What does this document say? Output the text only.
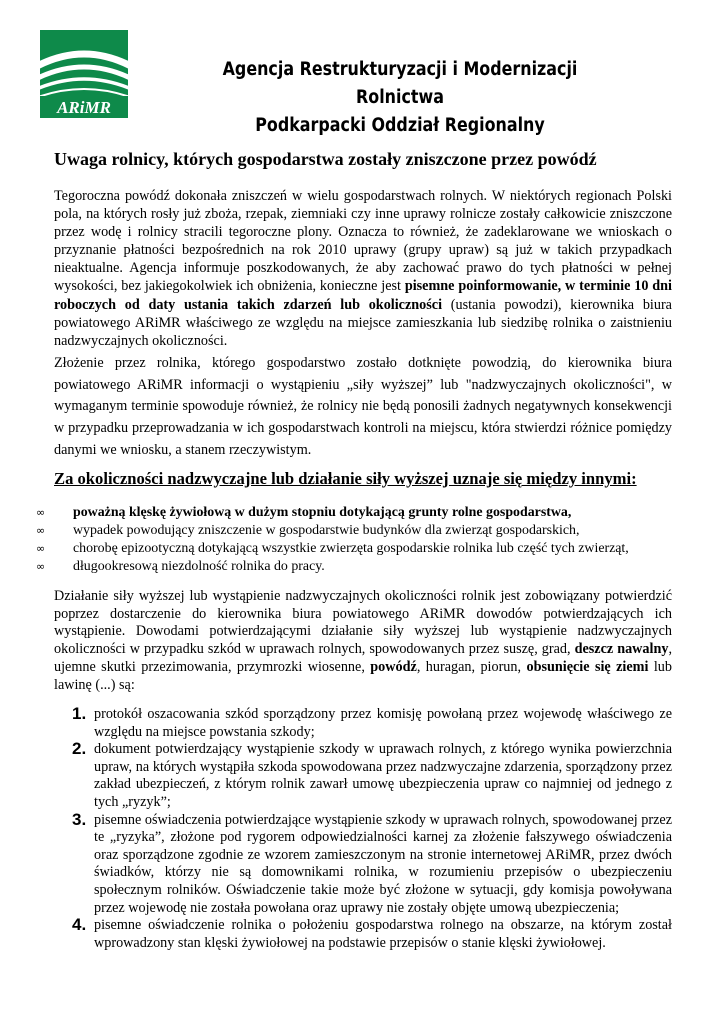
ARiMR
Agencja Restrukturyzacji i Modernizacji Rolnictwa
Podkarpacki Oddział Regionalny
Uwaga rolnicy, których gospodarstwa zostały zniszczone przez powódź

Tegoroczna powódź dokonała zniszczeń w wielu gospodarstwach rolnych. W niektórych regionach Polski pola, na których rosły już zboża, rzepak, ziemniaki czy inne uprawy rolnicze zostały całkowicie zniszczone przez wodę i rolnicy stracili tegoroczne plony. Oznacza to również, że zadeklarowane we wnioskach o przyznanie płatności bezpośrednich na rok 2010 uprawy (grupy upraw) są już w takich przypadkach nieaktualne. Agencja informuje poszkodowanych, że aby zachować prawo do tych płatności w pełnej wysokości, bez jakiegokolwiek ich obniżenia, konieczne jest pisemne poinformowanie, w terminie 10 dni roboczych od daty ustania takich zdarzeń lub okoliczności (ustania powodzi), kierownika biura powiatowego ARiMR właściwego ze względu na miejsce zamieszkania lub siedzibę rolnika o zaistnieniu nadzwyczajnych okoliczności.

Złożenie przez rolnika, którego gospodarstwo zostało dotknięte powodzią, do kierownika biura powiatowego ARiMR informacji o wystąpieniu „siły wyższej” lub "nadzwyczajnych okoliczności", w wymaganym terminie spowoduje również, że rolnicy nie będą ponosili żadnych negatywnych konsekwencji w przypadku przeprowadzania w ich gospodarstwach kontroli na miejscu, która stwierdzi różnice pomiędzy danymi we wniosku, a stanem rzeczywistym.

Za okoliczności nadzwyczajne lub działanie siły wyższej uznaje się między innymi:
∞ poważną klęskę żywiołową w dużym stopniu dotykającą grunty rolne gospodarstwa,
∞ wypadek powodujący zniszczenie w gospodarstwie budynków dla zwierząt gospodarskich,
∞ chorobę epizootyczną dotykającą wszystkie zwierzęta gospodarskie rolnika lub część tych zwierząt,
∞ długookresową niezdolność rolnika do pracy.

Działanie siły wyższej lub wystąpienie nadzwyczajnych okoliczności rolnik jest zobowiązany potwierdzić poprzez dostarczenie do kierownika biura powiatowego ARiMR dowodów potwierdzających ich wystąpienie. Dowodami potwierdzającymi działanie siły wyższej lub wystąpienie nadzwyczajnych okoliczności w przypadku szkód w uprawach rolnych, spowodowanych przez suszę, grad, deszcz nawalny, ujemne skutki przezimowania, przymrozki wiosenne, powódź, huragan, piorun, obsunięcie się ziemi lub lawinę (...) są:

1. protokół oszacowania szkód sporządzony przez komisję powołaną przez wojewodę właściwego ze względu na miejsce powstania szkody;
2. dokument potwierdzający wystąpienie szkody w uprawach rolnych, z którego wynika powierzchnia upraw, na których wystąpiła szkoda spowodowana przez nadzwyczajne zdarzenia, sporządzony przez zakład ubezpieczeń, z którym rolnik zawarł umowę ubezpieczenia upraw co najmniej od jednego z tych „ryzyk”;
3. pisemne oświadczenia potwierdzające wystąpienie szkody w uprawach rolnych, spowodowanej przez te „ryzyka”, złożone pod rygorem odpowiedzialności karnej za złożenie fałszywego oświadczenia oraz sporządzone zgodnie ze wzorem zamieszczonym na stronie internetowej ARiMR, przez dwóch świadków, którzy nie są domownikami rolnika, w rozumieniu przepisów o ubezpieczeniu społecznym rolników. Oświadczenie takie może być złożone w sytuacji, gdy komisja powoływana przez wojewodę nie została powołana oraz uprawy nie zostały objęte umową ubezpieczenia;
4. pisemne oświadczenie rolnika o położeniu gospodarstwa rolnego na obszarze, na którym został wprowadzony stan klęski żywiołowej na podstawie przepisów o stanie klęski żywiołowej.
